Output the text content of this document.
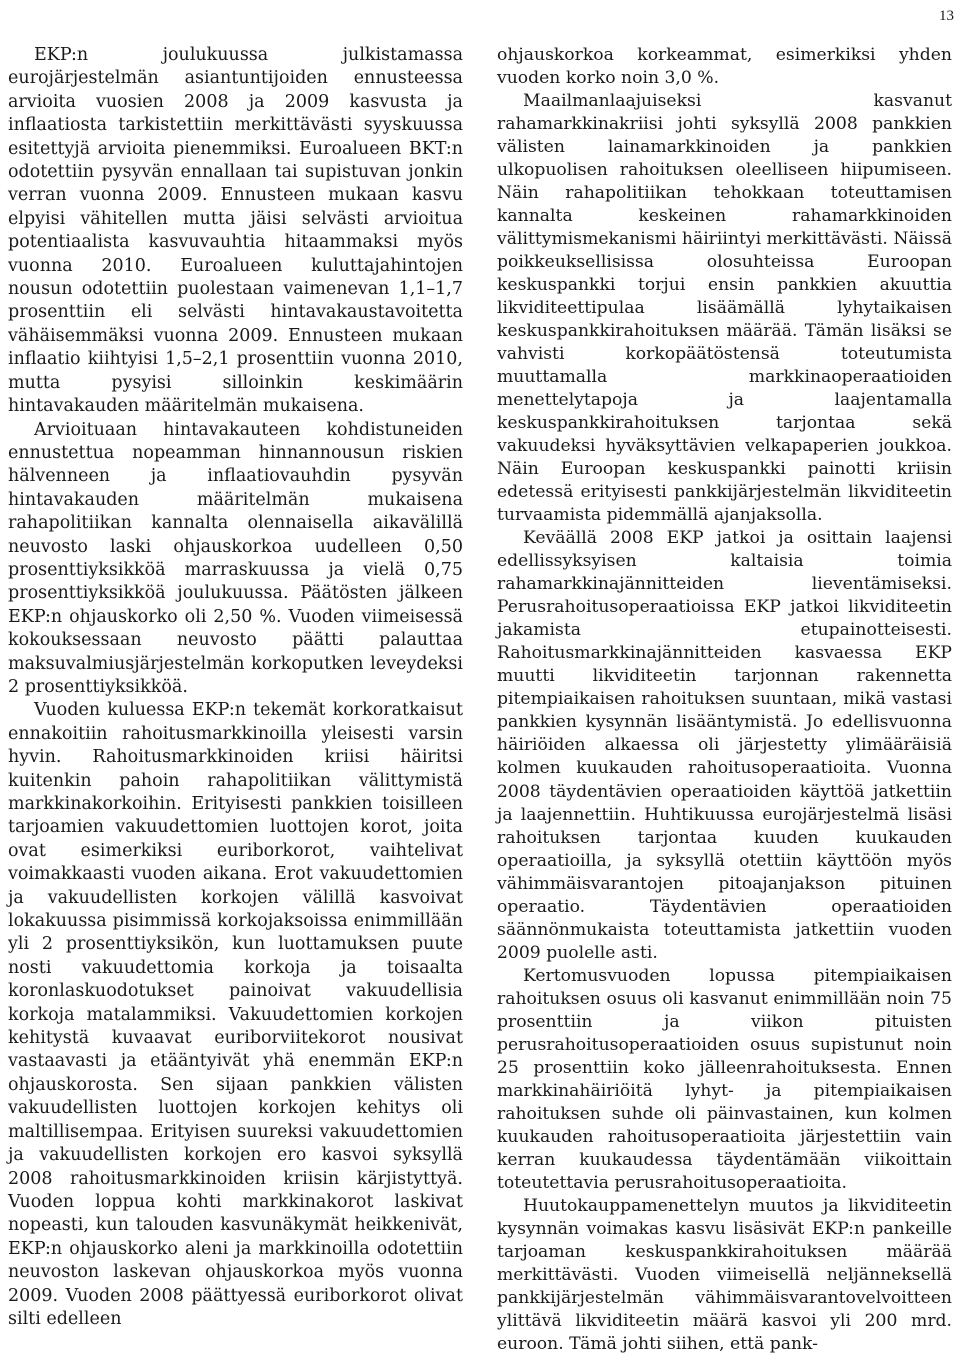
13

EKP:n joulukuussa julkistamassa eurojärjestelmän asiantuntijoiden ennusteessa arvioita vuosien 2008 ja 2009 kasvusta ja inflaatiosta tarkistettiin merkittävästi syyskuussa esitettyjä arvioita pienemmiksi. Euroalueen BKT:n odotettiin pysyvän ennallaan tai supistuvan jonkin verran vuonna 2009. Ennusteen mukaan kasvu elpyisi vähitellen mutta jäisi selvästi arvioitua potentiaalista kasvuvauhtia hitaammaksi myös vuonna 2010. Euroalueen kuluttajahintojen nousun odotettiin puolestaan vaimenevan 1,1–1,7 prosenttiin eli selvästi hintavakaustavoitetta vähäisemmäksi vuonna 2009. Ennusteen mukaan inflaatio kiihtyisi 1,5–2,1 prosenttiin vuonna 2010, mutta pysyisi silloinkin keskimäärin hintavakauden määritelmän mukaisena.

Arvioituaan hintavakauteen kohdistuneiden ennustettua nopeamman hinnannousun riskien hälvenneen ja inflaatiovauhdin pysyvän hintavakauden määritelmän mukaisena rahapolitiikan kannalta olennaisella aikavälillä neuvosto laski ohjauskorkoa uudelleen 0,50 prosenttiyksikköä marraskuussa ja vielä 0,75 prosenttiyksikköä joulukuussa. Päätösten jälkeen EKP:n ohjauskorko oli 2,50 %. Vuoden viimeisessä kokouksessaan neuvosto päätti palauttaa maksuvalmiusjärjestelmän korkoputken leveydeksi 2 prosenttiyksikköä.

Vuoden kuluessa EKP:n tekemät korkoratkaisut ennakoitiin rahoitusmarkkinoilla yleisesti varsin hyvin. Rahoitusmarkkinoiden kriisi häiritsi kuitenkin pahoin rahapolitiikan välittymistä markkinakorkoihin. Erityisesti pankkien toisilleen tarjoamien vakuudettomien luottojen korot, joita ovat esimerkiksi euriborkorot, vaihtelivat voimakkaasti vuoden aikana. Erot vakuudettomien ja vakuudellisten korkojen välillä kasvoivat lokakuussa pisimmissä korkojaksoissa enimmillään yli 2 prosenttiyksikön, kun luottamuksen puute nosti vakuudettomia korkoja ja toisaalta koronlaskuodotukset painoivat vakuudellisia korkoja matalammiksi. Vakuudettomien korkojen kehitystä kuvaavat euriborviitekorot nousivat vastaavasti ja etääntyivät yhä enemmän EKP:n ohjauskorosta. Sen sijaan pankkien välisten vakuudellisten luottojen korkojen kehitys oli maltillisempaa. Erityisen suureksi vakuudettomien ja vakuudellisten korkojen ero kasvoi syksyllä 2008 rahoitusmarkkinoiden kriisin kärjistyttyä. Vuoden loppua kohti markkinakorot laskivat nopeasti, kun talouden kasvunäkymät heikkenivät, EKP:n ohjauskorko aleni ja markkinoilla odotettiin neuvoston laskevan ohjauskorkoa myös vuonna 2009. Vuoden 2008 päättyessä euriborkorot olivat silti edelleen

ohjauskorkoa korkeammat, esimerkiksi yhden vuoden korko noin 3,0 %.

Maailmanlaajuiseksi kasvanut rahamarkkinakriisi johti syksyllä 2008 pankkien välisten lainamarkkinoiden ja pankkien ulkopuolisen rahoituksen oleelliseen hiipumiseen. Näin rahapolitiikan tehokkaan toteuttamisen kannalta keskeinen rahamarkkinoiden välittymismekanismi häiriintyi merkittävästi. Näissä poikkeuksellisissa olosuhteissa Euroopan keskuspankki torjui ensin pankkien akuuttia likviditeettipulaa lisäämällä lyhytaikaisen keskuspankkirahoituksen määrää. Tämän lisäksi se vahvisti korkopäätöstensä toteutumista muuttamalla markkinaoperaatioiden menettelytapoja ja laajentamalla keskuspankkirahoituksen tarjontaa sekä vakuudeksi hyväksyttävien velkapaperien joukkoa. Näin Euroopan keskuspankki painotti kriisin edetessä erityisesti pankkijärjestelmän likviditeetin turvaamista pidemmällä ajanjaksolla.

Keväällä 2008 EKP jatkoi ja osittain laajensi edellissyksyisen kaltaisia toimia rahamarkkinajännitteiden lieventämiseksi. Perusrahoitusoperaatioissa EKP jatkoi likviditeetin jakamista etupainotteisesti. Rahoitusmarkkinajännitteiden kasvaessa EKP muutti likviditeetin tarjonnan rakennetta pitempiaikaisen rahoituksen suuntaan, mikä vastasi pankkien kysynnän lisääntymistä. Jo edellisvuonna häiriöiden alkaessa oli järjestetty ylimääräisiä kolmen kuukauden rahoitusoperaatioita. Vuonna 2008 täydentävien operaatioiden käyttöä jatkettiin ja laajennettiin. Huhtikuussa eurojärjestelmä lisäsi rahoituksen tarjontaa kuuden kuukauden operaatioilla, ja syksyllä otettiin käyttöön myös vähimmäisvarantojen pitoajanjakson pituinen operaatio. Täydentävien operaatioiden säännönmukaista toteuttamista jatkettiin vuoden 2009 puolelle asti.

Kertomusvuoden lopussa pitempiaikaisen rahoituksen osuus oli kasvanut enimmillään noin 75 prosenttiin ja viikon pituisten perusrahoitusoperaatioiden osuus supistunut noin 25 prosenttiin koko jälleenrahoituksesta. Ennen markkinahäiriöitä lyhyt- ja pitempiaikaisen rahoituksen suhde oli päinvastainen, kun kolmen kuukauden rahoitusoperaatioita järjestettiin vain kerran kuukaudessa täydentämään viikoittain toteutettavia perusrahoitusoperaatioita.

Huutokauppamenettelyn muutos ja likviditeetin kysynnän voimakas kasvu lisäsivät EKP:n pankeille tarjoaman keskuspankkirahoituksen määrää merkittävästi. Vuoden viimeisellä neljänneksellä pankkijärjestelmän vähimmäisvarantovelvoitteen ylittävä likviditeetin määrä kasvoi yli 200 mrd. euroon. Tämä johti siihen, että pank-
